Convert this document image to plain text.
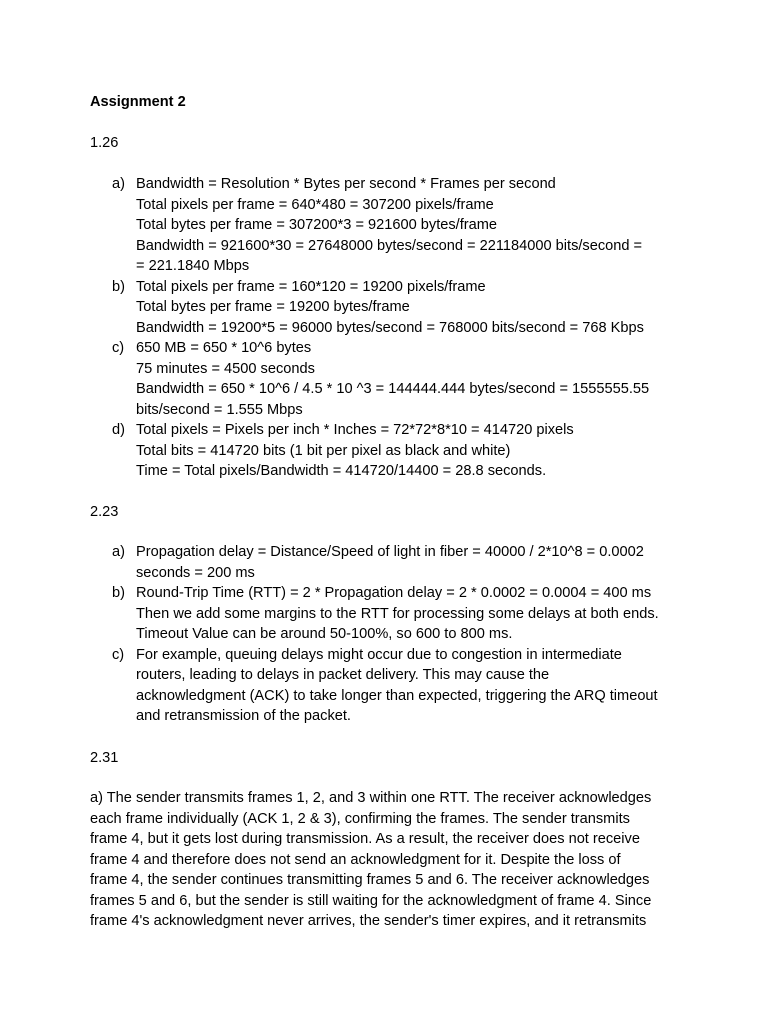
Assignment 2
1.26
a) Bandwidth = Resolution * Bytes per second * Frames per second
Total pixels per frame = 640*480 = 307200 pixels/frame
Total bytes per frame = 307200*3 = 921600 bytes/frame
Bandwidth = 921600*30 = 27648000 bytes/second = 221184000 bits/second =
= 221.1840 Mbps
b) Total pixels per frame = 160*120 = 19200 pixels/frame
Total bytes per frame = 19200 bytes/frame
Bandwidth = 19200*5 = 96000 bytes/second = 768000 bits/second = 768 Kbps
c) 650 MB = 650 * 10^6 bytes
75 minutes = 4500 seconds
Bandwidth = 650 * 10^6 / 4.5 * 10 ^3 = 144444.444 bytes/second = 1555555.55
bits/second = 1.555 Mbps
d) Total pixels = Pixels per inch * Inches = 72*72*8*10 = 414720 pixels
Total bits = 414720 bits (1 bit per pixel as black and white)
Time = Total pixels/Bandwidth = 414720/14400 = 28.8 seconds.
2.23
a) Propagation delay = Distance/Speed of light in fiber = 40000 / 2*10^8 = 0.0002
seconds = 200 ms
b) Round-Trip Time (RTT) = 2 * Propagation delay = 2 * 0.0002 = 0.0004 = 400 ms
Then we add some margins to the RTT for processing some delays at both ends.
Timeout Value can be around 50-100%, so 600 to 800 ms.
c) For example, queuing delays might occur due to congestion in intermediate
routers, leading to delays in packet delivery. This may cause the
acknowledgment (ACK) to take longer than expected, triggering the ARQ timeout
and retransmission of the packet.
2.31
a) The sender transmits frames 1, 2, and 3 within one RTT. The receiver acknowledges
each frame individually (ACK 1, 2 & 3), confirming the frames. The sender transmits
frame 4, but it gets lost during transmission. As a result, the receiver does not receive
frame 4 and therefore does not send an acknowledgment for it. Despite the loss of
frame 4, the sender continues transmitting frames 5 and 6. The receiver acknowledges
frames 5 and 6, but the sender is still waiting for the acknowledgment of frame 4. Since
frame 4's acknowledgment never arrives, the sender's timer expires, and it retransmits
